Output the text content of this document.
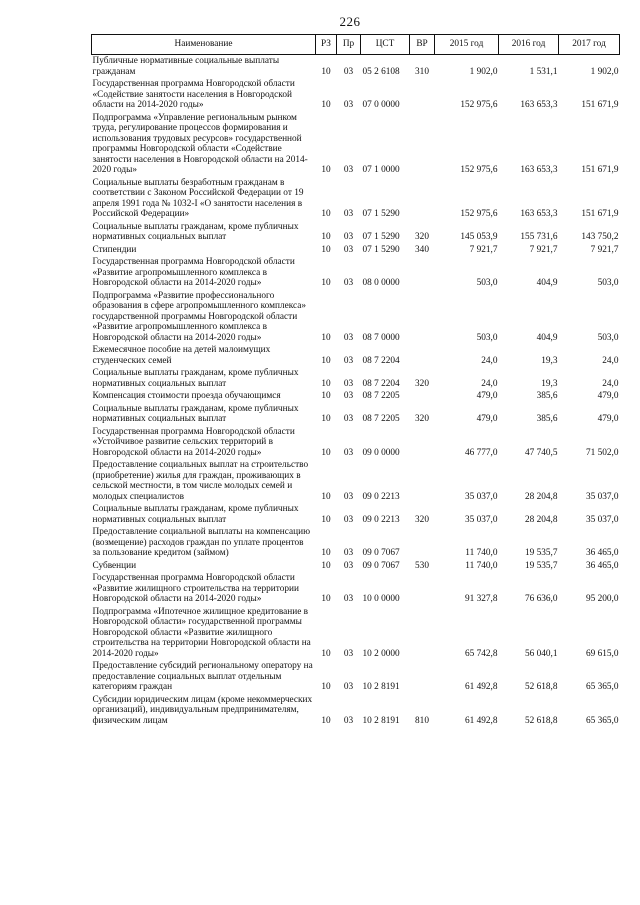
226
Наименование	РЗ	Пр	ЦСТ	ВР	2015 год	2016 год	2017 год
Публичные нормативные социальные выплаты гражданам	10	03	05 2 6108	310	1 902,0	1 531,1	1 902,0
Государственная программа Новгородской области «Содействие занятости населения в Новгородской области на 2014-2020 годы»	10	03	07 0 0000		152 975,6	163 653,3	151 671,9
Подпрограмма «Управление региональным рынком труда, регулирование процессов формирования и использования трудовых ресурсов» государственной программы Новгородской области «Содействие занятости населения в Новгородской области на 2014-2020 годы»	10	03	07 1 0000		152 975,6	163 653,3	151 671,9
Социальные выплаты безработным гражданам в соответствии с Законом Российской Федерации от 19 апреля 1991 года № 1032-I «О занятости населения в Российской Федерации»	10	03	07 1 5290		152 975,6	163 653,3	151 671,9
Социальные выплаты гражданам, кроме публичных нормативных социальных выплат	10	03	07 1 5290	320	145 053,9	155 731,6	143 750,2
Стипендии	10	03	07 1 5290	340	7 921,7	7 921,7	7 921,7
Государственная программа Новгородской области «Развитие агропромышленного комплекса в Новгородской области на 2014-2020 годы»	10	03	08 0 0000		503,0	404,9	503,0
Подпрограмма «Развитие профессионального образования в сфере агропромышленного комплекса» государственной программы Новгородской области «Развитие агропромышленного комплекса в Новгородской области на 2014-2020 годы»	10	03	08 7 0000		503,0	404,9	503,0
Ежемесячное пособие на детей малоимущих студенческих семей	10	03	08 7 2204		24,0	19,3	24,0
Социальные выплаты гражданам, кроме публичных нормативных социальных выплат	10	03	08 7 2204	320	24,0	19,3	24,0
Компенсация стоимости проезда обучающимся	10	03	08 7 2205		479,0	385,6	479,0
Социальные выплаты гражданам, кроме публичных нормативных социальных выплат	10	03	08 7 2205	320	479,0	385,6	479,0
Государственная программа Новгородской области «Устойчивое развитие сельских территорий в Новгородской области на 2014-2020 годы»	10	03	09 0 0000		46 777,0	47 740,5	71 502,0
Предоставление социальных выплат на строительство (приобретение) жилья для граждан, проживающих в сельской местности, в том числе молодых семей и молодых специалистов	10	03	09 0 2213		35 037,0	28 204,8	35 037,0
Социальные выплаты гражданам, кроме публичных нормативных социальных выплат	10	03	09 0 2213	320	35 037,0	28 204,8	35 037,0
Предоставление социальной выплаты на компенсацию (возмещение) расходов граждан по уплате процентов за пользование кредитом (займом)	10	03	09 0 7067		11 740,0	19 535,7	36 465,0
Субвенции	10	03	09 0 7067	530	11 740,0	19 535,7	36 465,0
Государственная программа Новгородской области «Развитие жилищного строительства на территории Новгородской области на 2014-2020 годы»	10	03	10 0 0000		91 327,8	76 636,0	95 200,0
Подпрограмма «Ипотечное жилищное кредитование в Новгородской области» государственной программы Новгородской области «Развитие жилищного строительства на территории Новгородской области на 2014-2020 годы»	10	03	10 2 0000		65 742,8	56 040,1	69 615,0
Предоставление субсидий региональному оператору на предоставление социальных выплат отдельным категориям граждан	10	03	10 2 8191		61 492,8	52 618,8	65 365,0
Субсидии юридическим лицам (кроме некоммерческих организаций), индивидуальным предпринимателям, физическим лицам	10	03	10 2 8191	810	61 492,8	52 618,8	65 365,0
